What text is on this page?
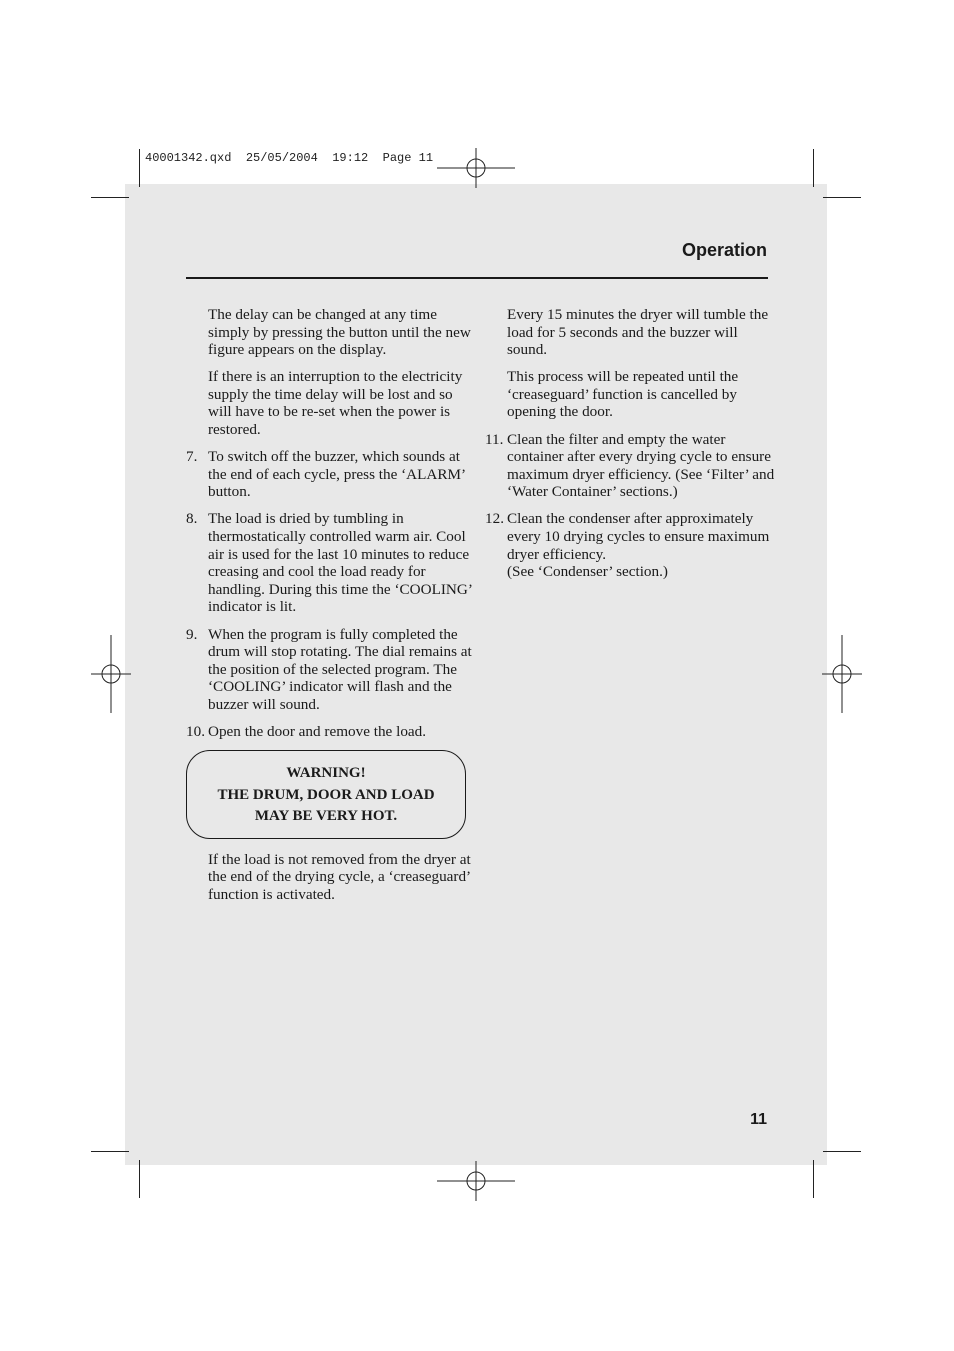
40001342.qxd  25/05/2004  19:12  Page 11
Operation

The delay can be changed at any time simply by pressing the button until the new figure appears on the display.

If there is an interruption to the electricity supply the time delay will be lost and so will have to be re-set when the power is restored.

7. To switch off the buzzer, which sounds at the end of each cycle, press the ‘ALARM’ button.
8. The load is dried by tumbling in thermostatically controlled warm air. Cool air is used for the last 10 minutes to reduce creasing and cool the load ready for handling. During this time the ‘COOLING’ indicator is lit.
9. When the program is fully completed the drum will stop rotating. The dial remains at the position of the selected program. The ‘COOLING’ indicator will flash and the buzzer will sound.
10. Open the door and remove the load.
WARNING!
THE DRUM, DOOR AND LOAD
MAY BE VERY HOT.

If the load is not removed from the dryer at the end of the drying cycle, a ‘creaseguard’ function is activated.

Every 15 minutes the dryer will tumble the load for 5 seconds and the buzzer will sound.

This process will be repeated until the ‘creaseguard’ function is cancelled by opening the door.

11. Clean the filter and empty the water container after every drying cycle to ensure maximum dryer efficiency. (See ‘Filter’ and ‘Water Container’ sections.)
12. Clean the condenser after approximately every 10 drying cycles to ensure maximum dryer efficiency.
(See ‘Condenser’ section.)
11
